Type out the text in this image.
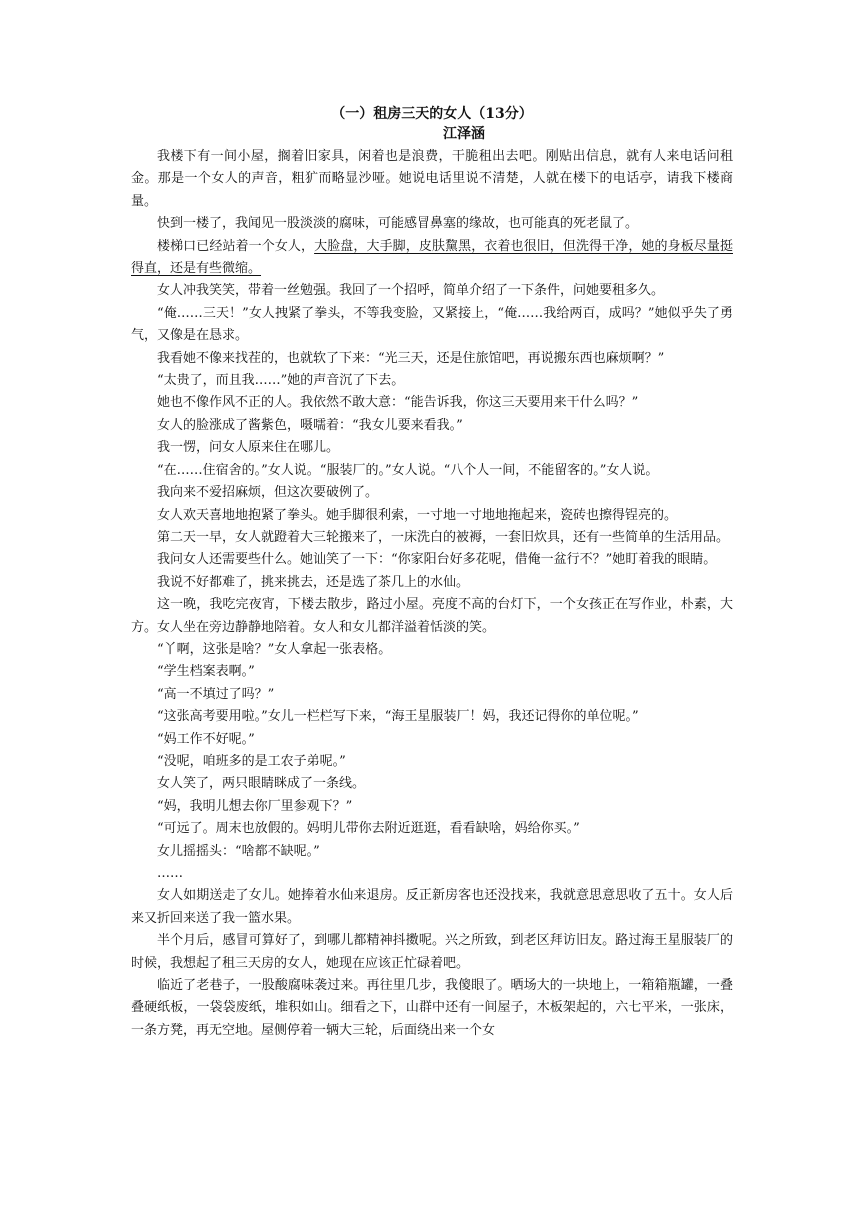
（一）租房三天的女人（13分）

江泽涵

我楼下有一间小屋，搁着旧家具，闲着也是浪费，干脆租出去吧。刚贴出信息，就有人来电话问租金。那是一个女人的声音，粗犷而略显沙哑。她说电话里说不清楚，人就在楼下的电话亭，请我下楼商量。

快到一楼了，我闻见一股淡淡的腐味，可能感冒鼻塞的缘故，也可能真的死老鼠了。

楼梯口已经站着一个女人，大脸盘，大手脚，皮肤黧黑，衣着也很旧，但洗得干净，她的身板尽量挺得直，还是有些微缩。

女人冲我笑笑，带着一丝勉强。我回了一个招呼，简单介绍了一下条件，问她要租多久。

“俺……三天！”女人拽紧了拳头，不等我变脸，又紧接上，“俺……我给两百，成吗？”她似乎失了勇气，又像是在恳求。

我看她不像来找茬的，也就软了下来：“光三天，还是住旅馆吧，再说搬东西也麻烦啊？”

“太贵了，而且我……”她的声音沉了下去。

她也不像作风不正的人。我依然不敢大意：“能告诉我，你这三天要用来干什么吗？”

女人的脸涨成了酱紫色，嗫嚅着：“我女儿要来看我。”

我一愣，问女人原来住在哪儿。

“在……住宿舍的。”女人说。“服装厂的。”女人说。“八个人一间，不能留客的。”女人说。

我向来不爱招麻烦，但这次要破例了。

女人欢天喜地地抱紧了拳头。她手脚很利索，一寸地一寸地地拖起来，瓷砖也擦得锃亮的。

第二天一早，女人就蹬着大三轮搬来了，一床洗白的被褥，一套旧炊具，还有一些简单的生活用品。

我问女人还需要些什么。她讪笑了一下：“你家阳台好多花呢，借俺一盆行不？”她盯着我的眼睛。

我说不好都难了，挑来挑去，还是选了茶几上的水仙。

这一晚，我吃完夜宵，下楼去散步，路过小屋。亮度不高的台灯下，一个女孩正在写作业，朴素，大方。女人坐在旁边静静地陪着。女人和女儿都洋溢着恬淡的笑。

“丫啊，这张是啥？”女人拿起一张表格。

“学生档案表啊。”

“高一不填过了吗？”

“这张高考要用啦。”女儿一栏栏写下来，“海王星服装厂！妈，我还记得你的单位呢。”

“妈工作不好呢。”

“没呢，咱班多的是工农子弟呢。”

女人笑了，两只眼睛眯成了一条线。

“妈，我明儿想去你厂里参观下？”

“可远了。周末也放假的。妈明儿带你去附近逛逛，看看缺啥，妈给你买。”

女儿摇摇头：“啥都不缺呢。”

……

女人如期送走了女儿。她捧着水仙来退房。反正新房客也还没找来，我就意思意思收了五十。女人后来又折回来送了我一篮水果。

半个月后，感冒可算好了，到哪儿都精神抖擞呢。兴之所致，到老区拜访旧友。路过海王星服装厂的时候，我想起了租三天房的女人，她现在应该正忙碌着吧。

临近了老巷子，一股酸腐味袭过来。再往里几步，我傻眼了。晒场大的一块地上，一箱箱瓶罐，一叠叠硬纸板，一袋袋废纸，堆积如山。细看之下，山群中还有一间屋子，木板架起的，六七平米，一张床，一条方凳，再无空地。屋侧停着一辆大三轮，后面绕出来一个女
